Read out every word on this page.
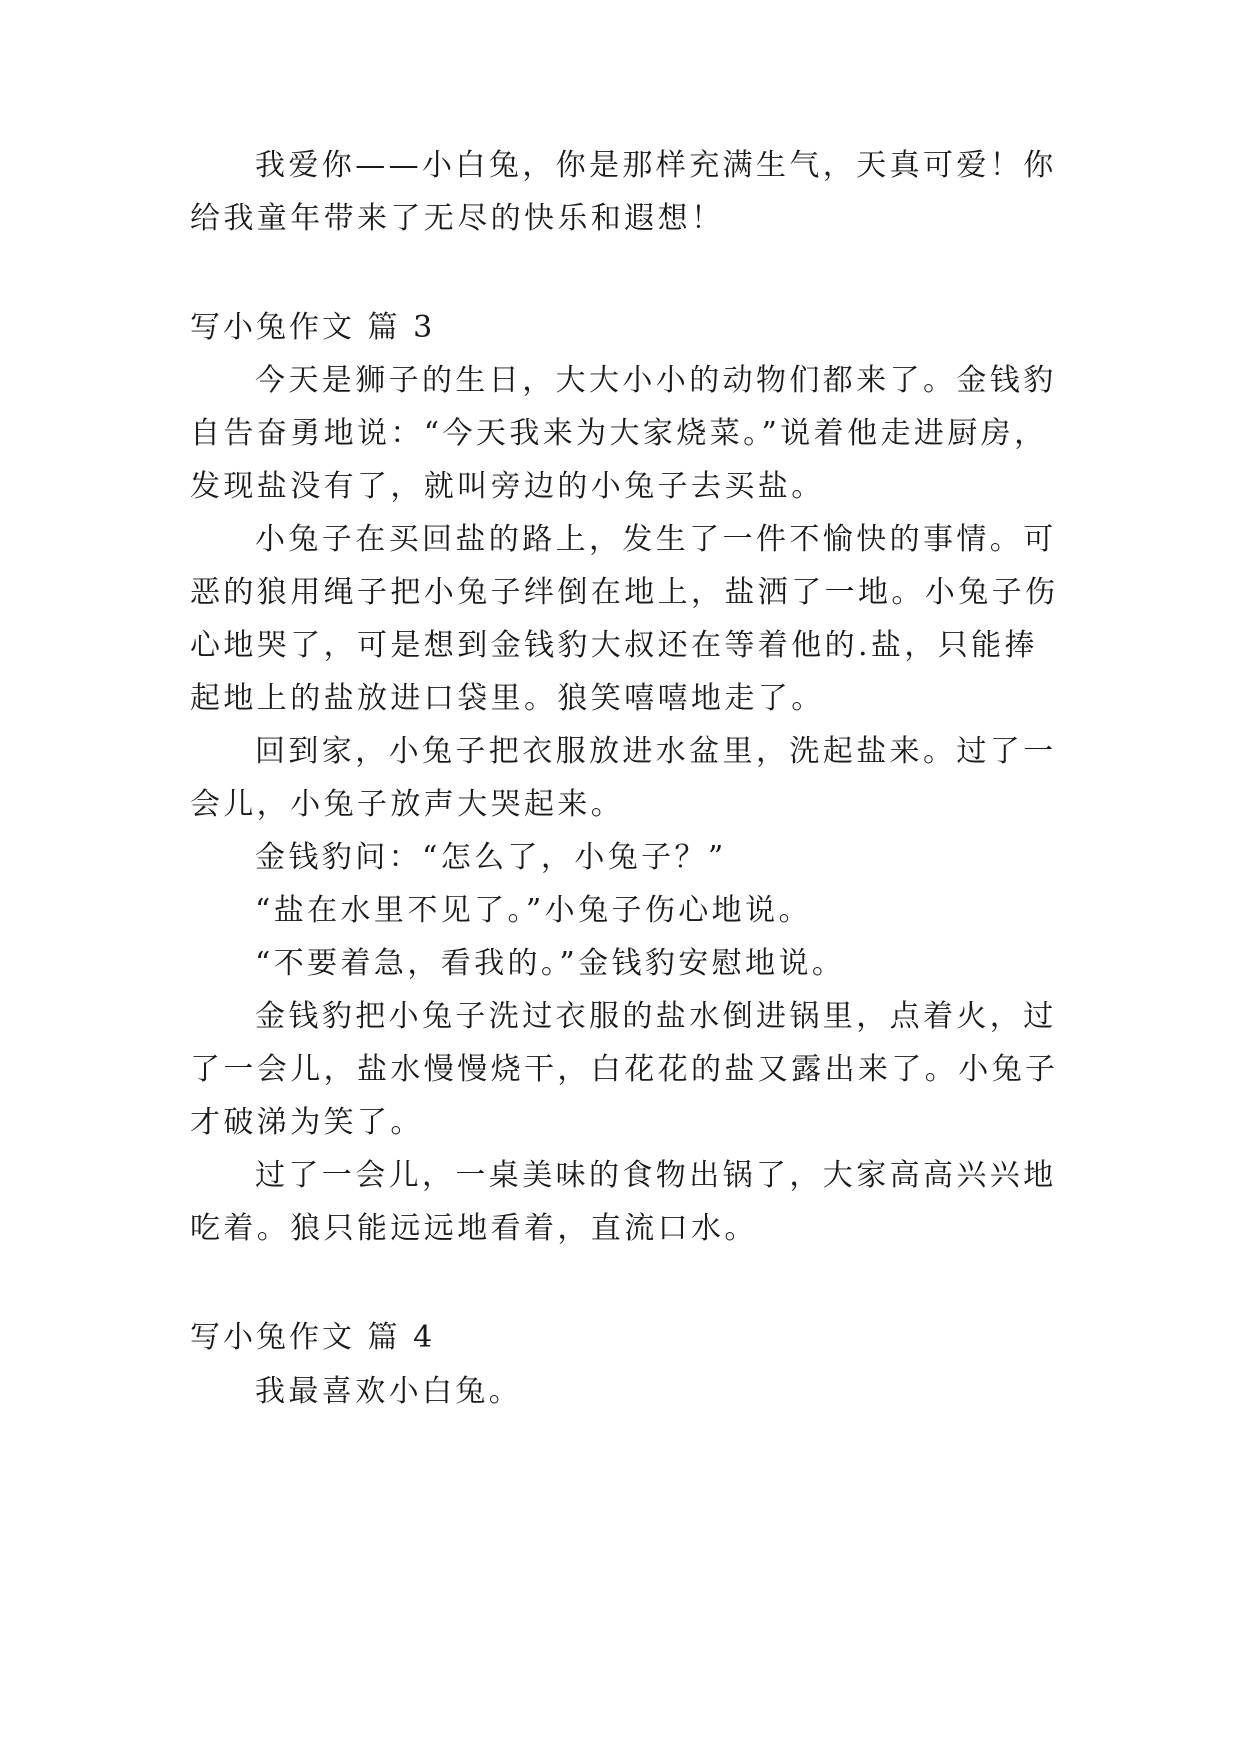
我爱你——小白兔，你是那样充满生气，天真可爱！你
给我童年带来了无尽的快乐和遐想！
写小兔作文 篇 3
今天是狮子的生日，大大小小的动物们都来了。金钱豹
自告奋勇地说：“今天我来为大家烧菜。”说着他走进厨房，
发现盐没有了，就叫旁边的小兔子去买盐。
小兔子在买回盐的路上，发生了一件不愉快的事情。可
恶的狼用绳子把小兔子绊倒在地上，盐洒了一地。小兔子伤
心地哭了，可是想到金钱豹大叔还在等着他的.盐，只能捧
起地上的盐放进口袋里。狼笑嘻嘻地走了。
回到家，小兔子把衣服放进水盆里，洗起盐来。过了一
会儿，小兔子放声大哭起来。
金钱豹问：“怎么了，小兔子？”
“盐在水里不见了。”小兔子伤心地说。
“不要着急，看我的。”金钱豹安慰地说。
金钱豹把小兔子洗过衣服的盐水倒进锅里，点着火，过
了一会儿，盐水慢慢烧干，白花花的盐又露出来了。小兔子
才破涕为笑了。
过了一会儿，一桌美味的食物出锅了，大家高高兴兴地
吃着。狼只能远远地看着，直流口水。
写小兔作文 篇 4
我最喜欢小白兔。
